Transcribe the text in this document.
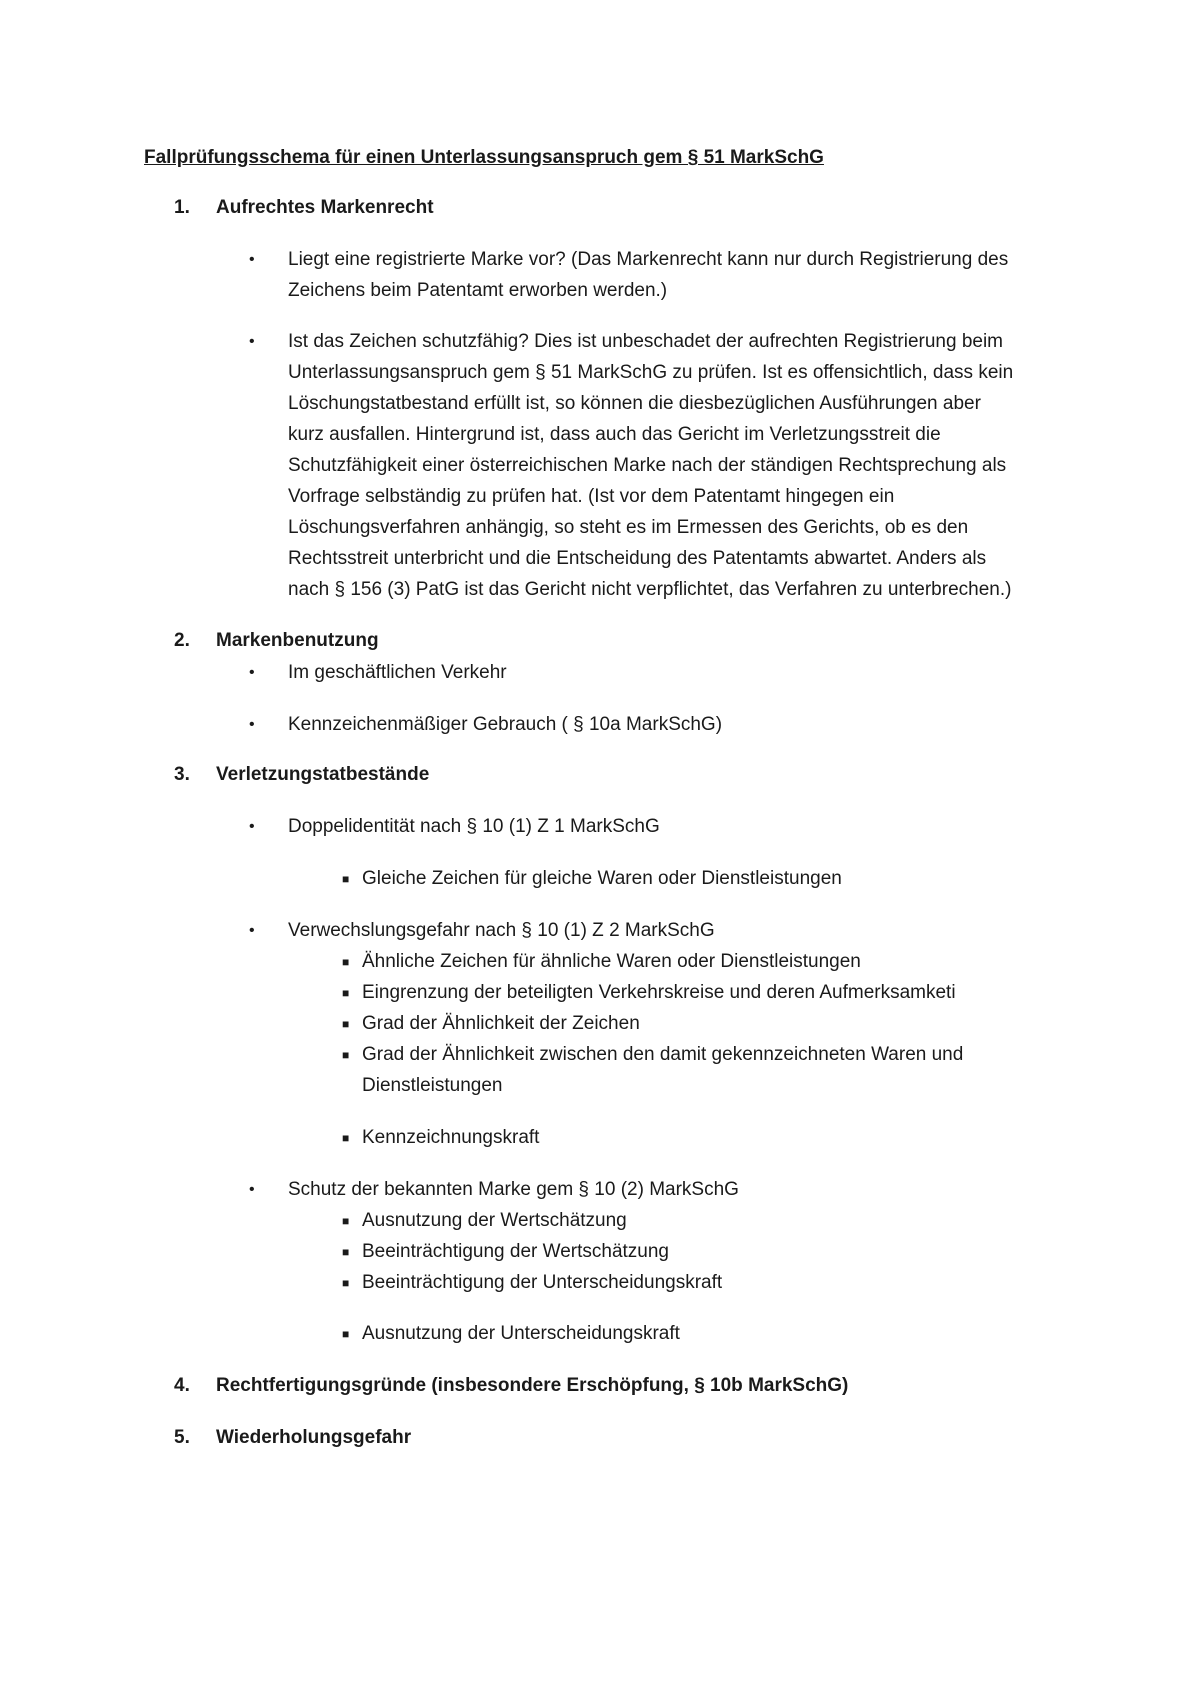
Fallprüfungsschema für einen Unterlassungsanspruch gem § 51 MarkSchG
1. Aufrechtes Markenrecht
• Liegt eine registrierte Marke vor? (Das Markenrecht kann nur durch Registrierung des
Zeichens beim Patentamt erworben werden.)
• Ist das Zeichen schutzfähig? Dies ist unbeschadet der aufrechten Registrierung beim
Unterlassungsanspruch gem § 51 MarkSchG zu prüfen. Ist es offensichtlich, dass kein
Löschungstatbestand erfüllt ist, so können die diesbezüglichen Ausführungen aber
kurz ausfallen. Hintergrund ist, dass auch das Gericht im Verletzungsstreit die
Schutzfähigkeit einer österreichischen Marke nach der ständigen Rechtsprechung als
Vorfrage selbständig zu prüfen hat. (Ist vor dem Patentamt hingegen ein
Löschungsverfahren anhängig, so steht es im Ermessen des Gerichts, ob es den
Rechtsstreit unterbricht und die Entscheidung des Patentamts abwartet. Anders als
nach § 156 (3) PatG ist das Gericht nicht verpflichtet, das Verfahren zu unterbrechen.)
2. Markenbenutzung
• Im geschäftlichen Verkehr
• Kennzeichenmäßiger Gebrauch ( § 10a MarkSchG)
3. Verletzungstatbestände
• Doppelidentität nach § 10 (1) Z 1 MarkSchG
■ Gleiche Zeichen für gleiche Waren oder Dienstleistungen
• Verwechslungsgefahr nach § 10 (1) Z 2 MarkSchG
■ Ähnliche Zeichen für ähnliche Waren oder Dienstleistungen
■ Eingrenzung der beteiligten Verkehrskreise und deren Aufmerksamketi
■ Grad der Ähnlichkeit der Zeichen
■ Grad der Ähnlichkeit zwischen den damit gekennzeichneten Waren und
Dienstleistungen
■ Kennzeichnungskraft
• Schutz der bekannten Marke gem § 10 (2) MarkSchG
■ Ausnutzung der Wertschätzung
■ Beeinträchtigung der Wertschätzung
■ Beeinträchtigung der Unterscheidungskraft
■ Ausnutzung der Unterscheidungskraft
4. Rechtfertigungsgründe (insbesondere Erschöpfung, § 10b MarkSchG)
5. Wiederholungsgefahr
